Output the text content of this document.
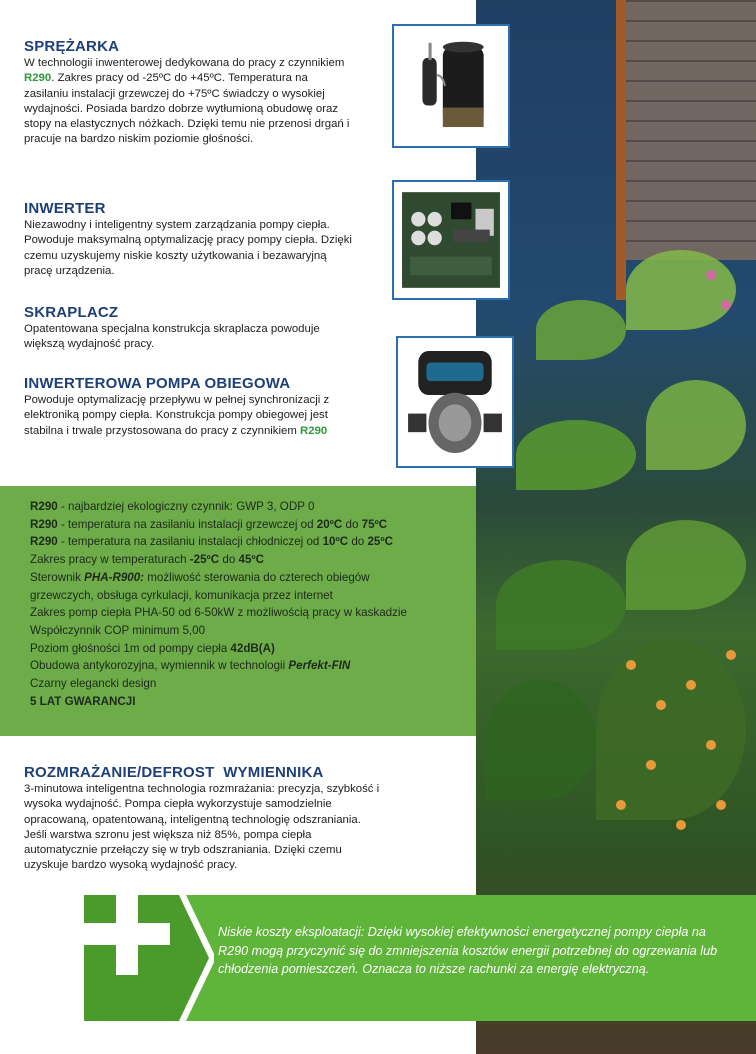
SPRĘŻARKA

W technologii inwenterowej dedykowana do pracy z czynnikiem R290. Zakres pracy od -25ºC do +45ºC. Temperatura na zasilaniu instalacji grzewczej do +75ºC świadczy o wysokiej wydajności. Posiada bardzo dobrze wytłumioną obudowę oraz stopy na elastycznych nóżkach. Dzięki temu nie przenosi drgań i pracuje na bardzo niskim poziomie głośności.

INWERTER

Niezawodny i inteligentny system zarządzania pompy ciepła. Powoduje maksymalną optymalizację pracy pompy ciepła. Dzięki czemu uzyskujemy niskie koszty użytkowania i bezawaryjną pracę urządzenia.

SKRAPLACZ

Opatentowana specjalna konstrukcja skraplacza powoduje większą wydajność pracy.

INWERTEROWA POMPA OBIEGOWA

Powoduje optymalizację przepływu w pełnej synchronizacji z elektroniką pompy ciepła. Konstrukcja pompy obiegowej jest stabilna i trwale przystosowana do pracy z czynnikiem R290

R290 - najbardziej ekologiczny czynnik: GWP 3, ODP 0
R290 - temperatura na zasilaniu instalacji grzewczej od 20ºC do 75ºC
R290 - temperatura na zasilaniu instalacji chłodniczej od 10ºC do 25ºC
Zakres pracy w temperaturach -25ºC do 45ºC
Sterownik PHA-R900: możliwość sterowania do czterech obiegów
grzewczych, obsługa cyrkulacji, komunikacja przez internet
Zakres pomp ciepła PHA-50 od 6-50kW z możliwością pracy w kaskadzie
Współczynnik COP minimum 5,00
Poziom głośności 1m od pompy ciepła 42dB(A)
Obudowa antykorozyjna, wymiennik w technologii Perfekt-FIN
Czarny elegancki design
5 LAT GWARANCJI
ROZMRAŻANIE/DEFROST  WYMIENNIKA

3-minutowa inteligentna technologia rozmrażania: precyzja, szybkość i wysoka wydajność. Pompa ciepła wykorzystuje samodzielnie opracowaną, opatentowaną, inteligentną technologię odszraniania. Jeśli warstwa szronu jest większa niż 85%, pompa ciepła automatycznie przełączy się w tryb odszraniania. Dzięki czemu uzyskuje bardzo wysoką wydajność pracy.

Niskie koszty eksploatacji: Dzięki wysokiej efektywności energetycznej pompy ciepła na R290 mogą przyczynić się do zmniejszenia kosztów energii potrzebnej do ogrzewania lub chłodzenia pomieszczeń. Oznacza to niższe rachunki za energię elektryczną.
